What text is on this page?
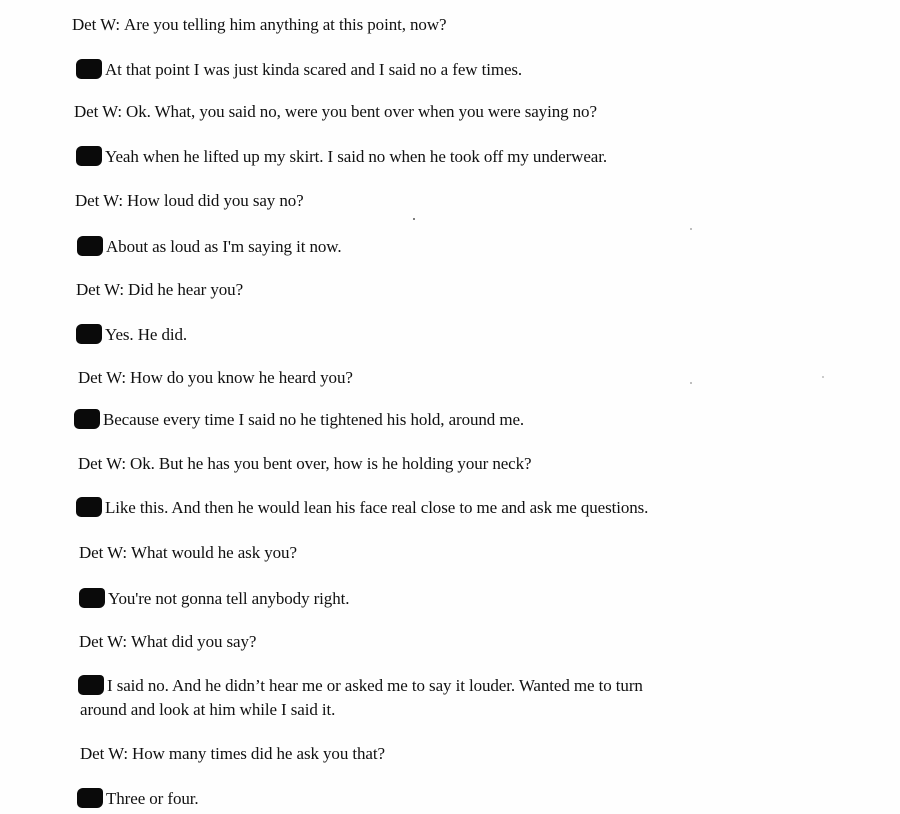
Det W: Are you telling him anything at this point, now?
At that point I was just kinda scared and I said no a few times.
Det W: Ok. What, you said no, were you bent over when you were saying no?
Yeah when he lifted up my skirt. I said no when he took off my underwear.
Det W: How loud did you say no?
About as loud as I'm saying it now.
Det W: Did he hear you?
Yes. He did.
Det W: How do you know he heard you?
Because every time I said no he tightened his hold, around me.
Det W: Ok. But he has you bent over, how is he holding your neck?
Like this. And then he would lean his face real close to me and ask me questions.
Det W: What would he ask you?
You're not gonna tell anybody right.
Det W: What did you say?
I said no. And he didn’t hear me or asked me to say it louder. Wanted me to turn
around and look at him while I said it.
Det W: How many times did he ask you that?
Three or four.
